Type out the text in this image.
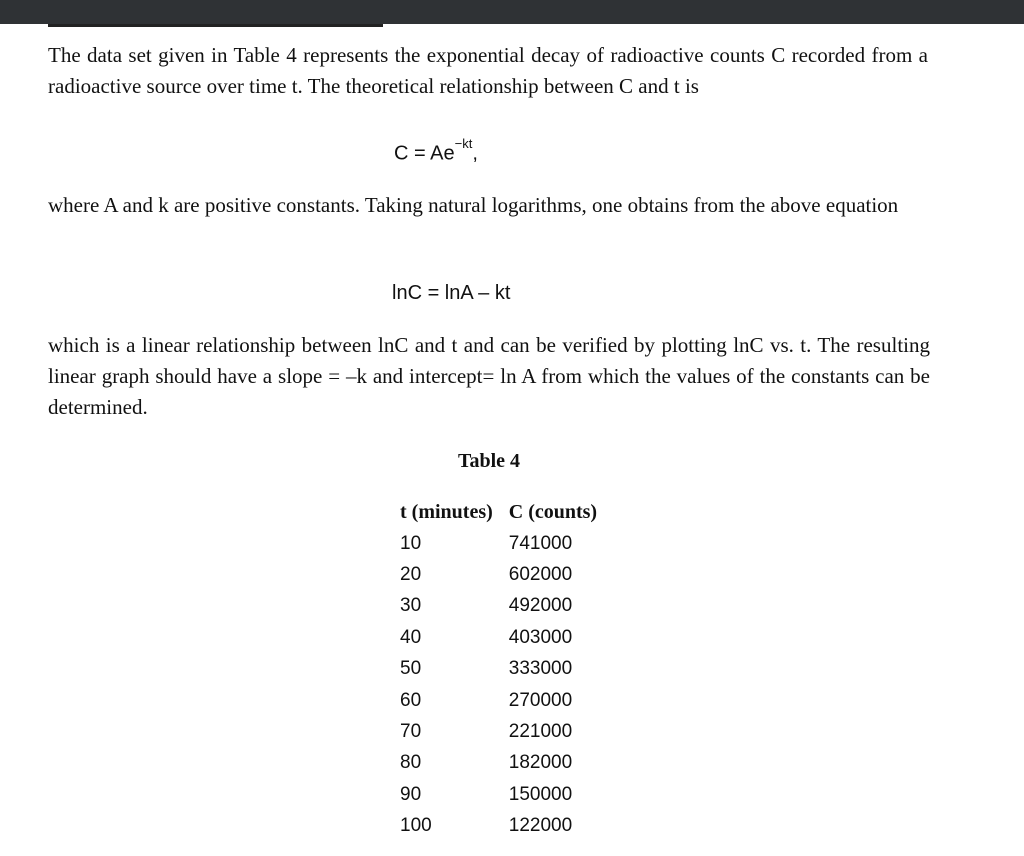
The data set given in Table 4 represents the exponential decay of radioactive counts C recorded from a radioactive source over time t. The theoretical relationship between C and t is

$C = Ae^{-kt}$,

where A and k are positive constants. Taking natural logarithms, one obtains from the above equation

lnC = lnA – kt

which is a linear relationship between lnC and t and can be verified by plotting lnC vs. t. The resulting linear graph should have a slope = –k and intercept= ln A from which the values of the constants can be determined.

Table 4
t (minutes)	C (counts)
10	741000
20	602000
30	492000
40	403000
50	333000
60	270000
70	221000
80	182000
90	150000
100	122000
